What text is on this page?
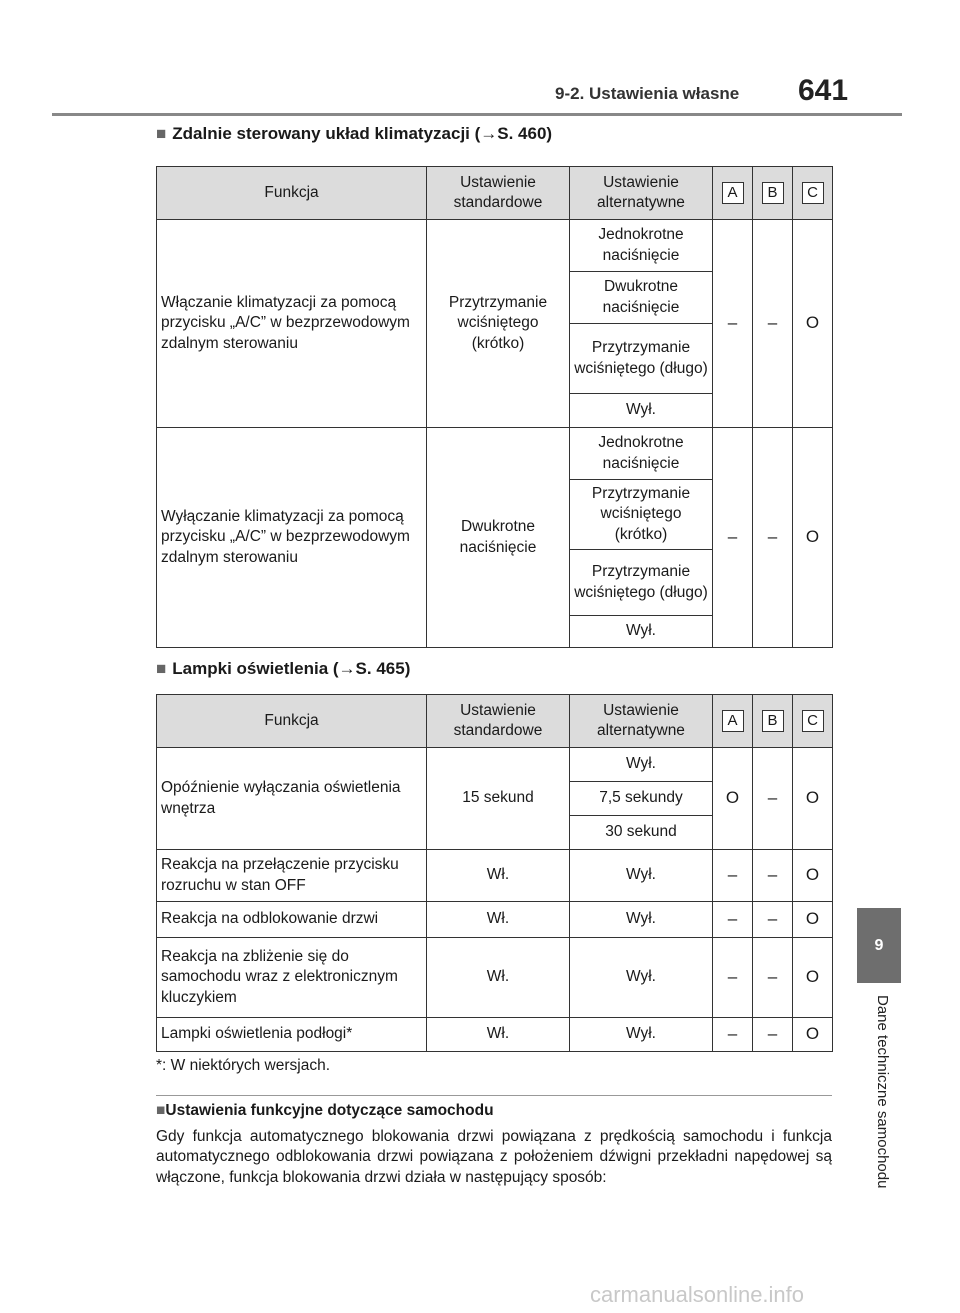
9-2. Ustawienia własne	641
■ Zdalnie sterowany układ klimatyzacji (→S. 460)
Funkcja	Ustawienie standardowe	Ustawienie alternatywne	A	B	C
Włączanie klimatyzacji za pomocą przycisku „A/C” w bezprzewodowym zdalnym sterowaniu	Przytrzymanie wciśniętego (krótko)	Jednokrotne naciśnięcie	–	–	O
		Dwukrotne naciśnięcie			
		Przytrzymanie wciśniętego (długo)			
		Wył.			
Wyłączanie klimatyzacji za pomocą przycisku „A/C” w bezprzewodowym zdalnym sterowaniu	Dwukrotne naciśnięcie	Jednokrotne naciśnięcie	–	–	O
		Przytrzymanie wciśniętego (krótko)			
		Przytrzymanie wciśniętego (długo)			
		Wył.			
■ Lampki oświetlenia (→S. 465)
Funkcja	Ustawienie standardowe	Ustawienie alternatywne	A	B	C
Opóźnienie wyłączania oświetlenia wnętrza	15 sekund	Wył.	O	–	O
		7,5 sekundy			
		30 sekund			
Reakcja na przełączenie przycisku rozruchu w stan OFF	Wł.	Wył.	–	–	O
Reakcja na odblokowanie drzwi	Wł.	Wył.	–	–	O
Reakcja na zbliżenie się do samochodu wraz z elektronicznym kluczykiem	Wł.	Wył.	–	–	O
Lampki oświetlenia podłogi*	Wł.	Wył.	–	–	O
*: W niektórych wersjach.
■Ustawienia funkcyjne dotyczące samochodu
Gdy funkcja automatycznego blokowania drzwi powiązana z prędkością samochodu i funkcja automatycznego odblokowania drzwi powiązana z położeniem dźwigni przekładni napędowej są włączone, funkcja blokowania drzwi działa w następujący sposób:
9
Dane techniczne samochodu
carmanualsonline.info
